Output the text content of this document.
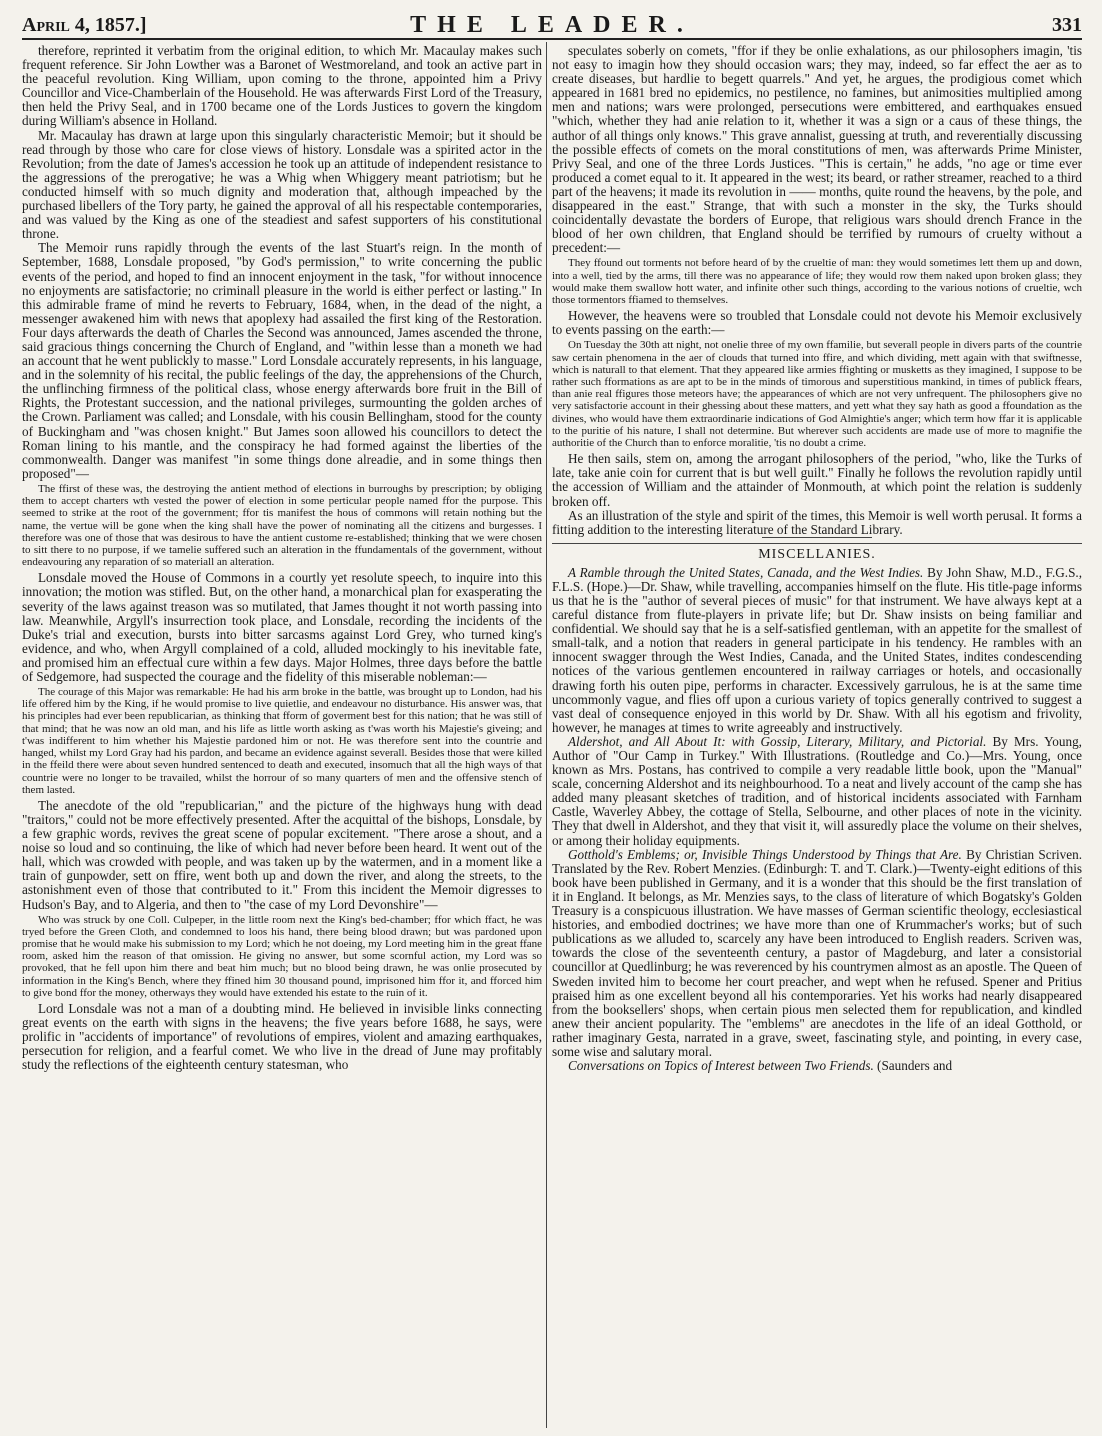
April 4, 1857.]	THE LEADER.	331

therefore, reprinted it verbatim from the original edition, to which Mr. Macaulay makes such frequent reference. Sir John Lowther was a Baronet of Westmoreland, and took an active part in the peaceful revolution. King William, upon coming to the throne, appointed him a Privy Councillor and Vice-Chamberlain of the Household. He was afterwards First Lord of the Treasury, then held the Privy Seal, and in 1700 became one of the Lords Justices to govern the kingdom during William's absence in Holland.

Mr. Macaulay has drawn at large upon this singularly characteristic Memoir; but it should be read through by those who care for close views of history. Lonsdale was a spirited actor in the Revolution; from the date of James's accession he took up an attitude of independent resistance to the aggressions of the prerogative; he was a Whig when Whiggery meant patriotism; but he conducted himself with so much dignity and moderation that, although impeached by the purchased libellers of the Tory party, he gained the approval of all his respectable contemporaries, and was valued by the King as one of the steadiest and safest supporters of his constitutional throne.

The Memoir runs rapidly through the events of the last Stuart's reign. In the month of September, 1688, Lonsdale proposed, "by God's permission," to write concerning the public events of the period, and hoped to find an innocent enjoyment in the task, "for without innocence no enjoyments are satisfactorie; no criminall pleasure in the world is either perfect or lasting." In this admirable frame of mind he reverts to February, 1684, when, in the dead of the night, a messenger awakened him with news that apoplexy had assailed the first king of the Restoration. Four days afterwards the death of Charles the Second was announced, James ascended the throne, said gracious things concerning the Church of England, and "within lesse than a moneth we had an account that he went publickly to masse." Lord Lonsdale accurately represents, in his language, and in the solemnity of his recital, the public feelings of the day, the apprehensions of the Church, the unflinching firmness of the political class, whose energy afterwards bore fruit in the Bill of Rights, the Protestant succession, and the national privileges, surmounting the golden arches of the Crown. Parliament was called; and Lonsdale, with his cousin Bellingham, stood for the county of Buckingham and "was chosen knight." But James soon allowed his councillors to detect the Roman lining to his mantle, and the conspiracy he had formed against the liberties of the commonwealth. Danger was manifest "in some things done alreadie, and in some things then proposed"—

The ffirst of these was, the destroying the antient method of elections in burroughs by prescription; by obliging them to accept charters wth vested the power of election in some perticular people named ffor the purpose. This seemed to strike at the root of the government; ffor tis manifest the hous of commons will retain nothing but the name, the vertue will be gone when the king shall have the power of nominating all the citizens and burgesses. I therefore was one of those that was desirous to have the antient custome re-established; thinking that we were chosen to sitt there to no purpose, if we tamelie suffered such an alteration in the ffundamentals of the government, without endeavouring any reparation of so materiall an alteration.

Lonsdale moved the House of Commons in a courtly yet resolute speech, to inquire into this innovation; the motion was stifled. But, on the other hand, a monarchical plan for exasperating the severity of the laws against treason was so mutilated, that James thought it not worth passing into law. Meanwhile, Argyll's insurrection took place, and Lonsdale, recording the incidents of the Duke's trial and execution, bursts into bitter sarcasms against Lord Grey, who turned king's evidence, and who, when Argyll complained of a cold, alluded mockingly to his inevitable fate, and promised him an effectual cure within a few days. Major Holmes, three days before the battle of Sedgemore, had suspected the courage and the fidelity of this miserable nobleman:—

The courage of this Major was remarkable: He had his arm broke in the battle, was brought up to London, had his life offered him by the King, if he would promise to live quietlie, and endeavour no disturbance. His answer was, that his principles had ever been republicarian, as thinking that fform of goverment best for this nation; that he was still of that mind; that he was now an old man, and his life as little worth asking as t'was worth his Majestie's giveing; and t'was indifferent to him whether his Majestie pardoned him or not. He was therefore sent into the countrie and hanged, whilst my Lord Gray had his pardon, and became an evidence against severall. Besides those that were killed in the ffeild there were about seven hundred sentenced to death and executed, insomuch that all the high ways of that countrie were no longer to be travailed, whilst the horrour of so many quarters of men and the offensive stench of them lasted.

The anecdote of the old "republicarian," and the picture of the highways hung with dead "traitors," could not be more effectively presented. After the acquittal of the bishops, Lonsdale, by a few graphic words, revives the great scene of popular excitement. "There arose a shout, and a noise so loud and so continuing, the like of which had never before been heard. It went out of the hall, which was crowded with people, and was taken up by the watermen, and in a moment like a train of gunpowder, sett on ffire, went both up and down the river, and along the streets, to the astonishment even of those that contributed to it." From this incident the Memoir digresses to Hudson's Bay, and to Algeria, and then to "the case of my Lord Devonshire"—

Who was struck by one Coll. Culpeper, in the little room next the King's bed-chamber; ffor which ffact, he was tryed before the Green Cloth, and condemned to loos his hand, there being blood drawn; but was pardoned upon promise that he would make his submission to my Lord; which he not doeing, my Lord meeting him in the great ffane room, asked him the reason of that omission. He giving no answer, but some scornful action, my Lord was so provoked, that he fell upon him there and beat him much; but no blood being drawn, he was onlie prosecuted by information in the King's Bench, where they ffined him 30 thousand pound, imprisoned him ffor it, and fforced him to give bond ffor the money, otherways they would have extended his estate to the ruin of it.

Lord Lonsdale was not a man of a doubting mind. He believed in invisible links connecting great events on the earth with signs in the heavens; the five years before 1688, he says, were prolific in "accidents of importance" of revolutions of empires, violent and amazing earthquakes, persecution for religion, and a fearful comet. We who live in the dread of June may profitably study the reflections of the eighteenth century statesman, who

speculates soberly on comets, "ffor if they be onlie exhalations, as our philosophers imagin, 'tis not easy to imagin how they should occasion wars; they may, indeed, so far effect the aer as to create diseases, but hardlie to begett quarrels." And yet, he argues, the prodigious comet which appeared in 1681 bred no epidemics, no pestilence, no famines, but animosities multiplied among men and nations; wars were prolonged, persecutions were embittered, and earthquakes ensued "which, whether they had anie relation to it, whether it was a sign or a caus of these things, the author of all things only knows." This grave annalist, guessing at truth, and reverentially discussing the possible effects of comets on the moral constitutions of men, was afterwards Prime Minister, Privy Seal, and one of the three Lords Justices. "This is certain," he adds, "no age or time ever produced a comet equal to it. It appeared in the west; its beard, or rather streamer, reached to a third part of the heavens; it made its revolution in —— months, quite round the heavens, by the pole, and disappeared in the east." Strange, that with such a monster in the sky, the Turks should coincidentally devastate the borders of Europe, that religious wars should drench France in the blood of her own children, that England should be terrified by rumours of cruelty without a precedent:—

They ffound out torments not before heard of by the crueltie of man: they would sometimes lett them up and down, into a well, tied by the arms, till there was no appearance of life; they would row them naked upon broken glass; they would make them swallow hott water, and infinite other such things, according to the various notions of crueltie, wch those tormentors ffiamed to themselves.

However, the heavens were so troubled that Lonsdale could not devote his Memoir exclusively to events passing on the earth:—

On Tuesday the 30th att night, not onelie three of my own ffamilie, but severall people in divers parts of the countrie saw certain phenomena in the aer of clouds that turned into ffire, and which dividing, mett again with that swiftnesse, which is naturall to that element. That they appeared like armies ffighting or musketts as they imagined, I suppose to be rather such fformations as are apt to be in the minds of timorous and superstitious mankind, in times of publick ffears, than anie real ffigures those meteors have; the appearances of which are not very unfrequent. The philosophers give no very satisfactorie account in their ghessing about these matters, and yett what they say hath as good a ffoundation as the divines, who would have them extraordinarie indications of God Almightie's anger; which term how ffar it is applicable to the puritie of his nature, I shall not determine. But wherever such accidents are made use of more to magnifie the authoritie of the Church than to enforce moralitie, 'tis no doubt a crime.

He then sails, stem on, among the arrogant philosophers of the period, "who, like the Turks of late, take anie coin for current that is but well guilt." Finally he follows the revolution rapidly until the accession of William and the attainder of Monmouth, at which point the relation is suddenly broken off.

As an illustration of the style and spirit of the times, this Memoir is well worth perusal. It forms a fitting addition to the interesting literature of the Standard Library.

MISCELLANIES.

A Ramble through the United States, Canada, and the West Indies. By John Shaw, M.D., F.G.S., F.L.S. (Hope.)—Dr. Shaw, while travelling, accompanies himself on the flute. His title-page informs us that he is the "author of several pieces of music" for that instrument. We have always kept at a careful distance from flute-players in private life; but Dr. Shaw insists on being familiar and confidential. We should say that he is a self-satisfied gentleman, with an appetite for the smallest of small-talk, and a notion that readers in general participate in his tendency. He rambles with an innocent swagger through the West Indies, Canada, and the United States, indites condescending notices of the various gentlemen encountered in railway carriages or hotels, and occasionally drawing forth his outen pipe, performs in character. Excessively garrulous, he is at the same time uncommonly vague, and flies off upon a curious variety of topics generally contrived to suggest a vast deal of consequence enjoyed in this world by Dr. Shaw. With all his egotism and frivolity, however, he manages at times to write agreeably and instructively.

Aldershot, and All About It: with Gossip, Literary, Military, and Pictorial. By Mrs. Young, Author of "Our Camp in Turkey." With Illustrations. (Routledge and Co.)—Mrs. Young, once known as Mrs. Postans, has contrived to compile a very readable little book, upon the "Manual" scale, concerning Aldershot and its neighbourhood. To a neat and lively account of the camp she has added many pleasant sketches of tradition, and of historical incidents associated with Farnham Castle, Waverley Abbey, the cottage of Stella, Selbourne, and other places of note in the vicinity. They that dwell in Aldershot, and they that visit it, will assuredly place the volume on their shelves, or among their holiday equipments.

Gotthold's Emblems; or, Invisible Things Understood by Things that Are. By Christian Scriven. Translated by the Rev. Robert Menzies. (Edinburgh: T. and T. Clark.)—Twenty-eight editions of this book have been published in Germany, and it is a wonder that this should be the first translation of it in England. It belongs, as Mr. Menzies says, to the class of literature of which Bogatsky's Golden Treasury is a conspicuous illustration. We have masses of German scientific theology, ecclesiastical histories, and embodied doctrines; we have more than one of Krummacher's works; but of such publications as we alluded to, scarcely any have been introduced to English readers. Scriven was, towards the close of the seventeenth century, a pastor of Magdeburg, and later a consistorial councillor at Quedlinburg; he was reverenced by his countrymen almost as an apostle. The Queen of Sweden invited him to become her court preacher, and wept when he refused. Spener and Pritius praised him as one excellent beyond all his contemporaries. Yet his works had nearly disappeared from the booksellers' shops, when certain pious men selected them for republication, and kindled anew their ancient popularity. The "emblems" are anecdotes in the life of an ideal Gotthold, or rather imaginary Gesta, narrated in a grave, sweet, fascinating style, and pointing, in every case, some wise and salutary moral.

Conversations on Topics of Interest between Two Friends. (Saunders and
